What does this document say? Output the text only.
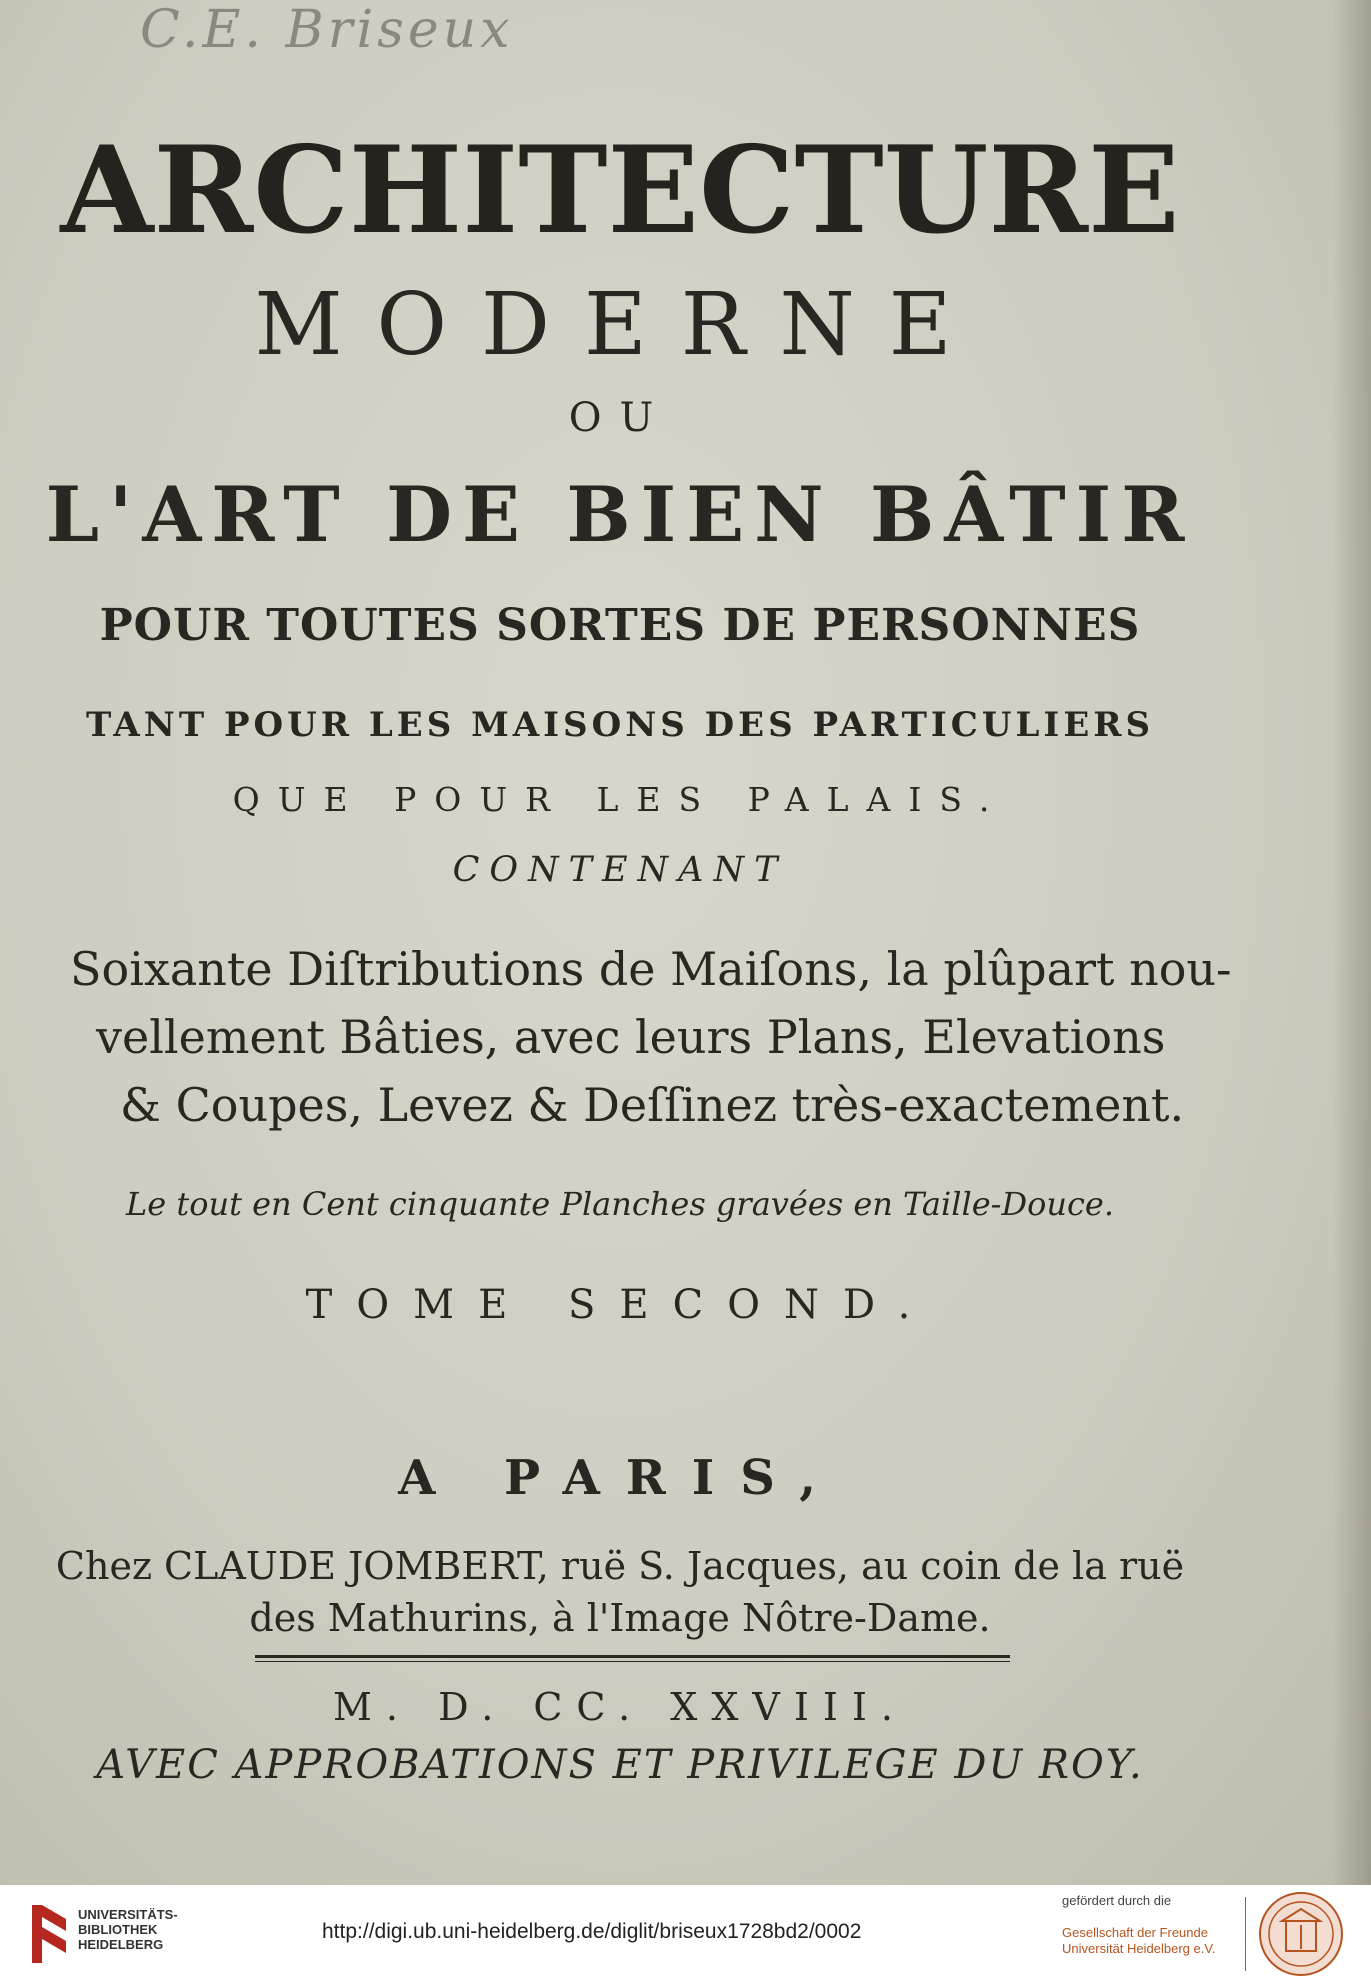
C.E. Briseux
ARCHITECTURE
MODERNE
OU
L'ART DE BIEN BÂTIR
POUR TOUTES SORTES DE PERSONNES
TANT POUR LES MAISONS DES PARTICULIERS
QUE POUR LES PALAIS.
CONTENANT
Soixante Diſtributions de Maiſons, la plûpart nou-
vellement Bâties, avec leurs Plans, Elevations
& Coupes, Levez & Deſſinez très-exactement.
Le tout en Cent cinquante Planches gravées en Taille-Douce.
TOME SECOND.
A PARIS,
Chez CLAUDE JOMBERT, ruë S. Jacques, au coin de la ruë
des Mathurins, à l'Image Nôtre-Dame.
M. D. CC. XXVIII.
AVEC APPROBATIONS ET PRIVILEGE DU ROY.
UNIVERSITÄTS-
BIBLIOTHEK
HEIDELBERG
http://digi.ub.uni-heidelberg.de/diglit/briseux1728bd2/0002
gefördert durch die
Gesellschaft der Freunde
Universität Heidelberg e.V.
